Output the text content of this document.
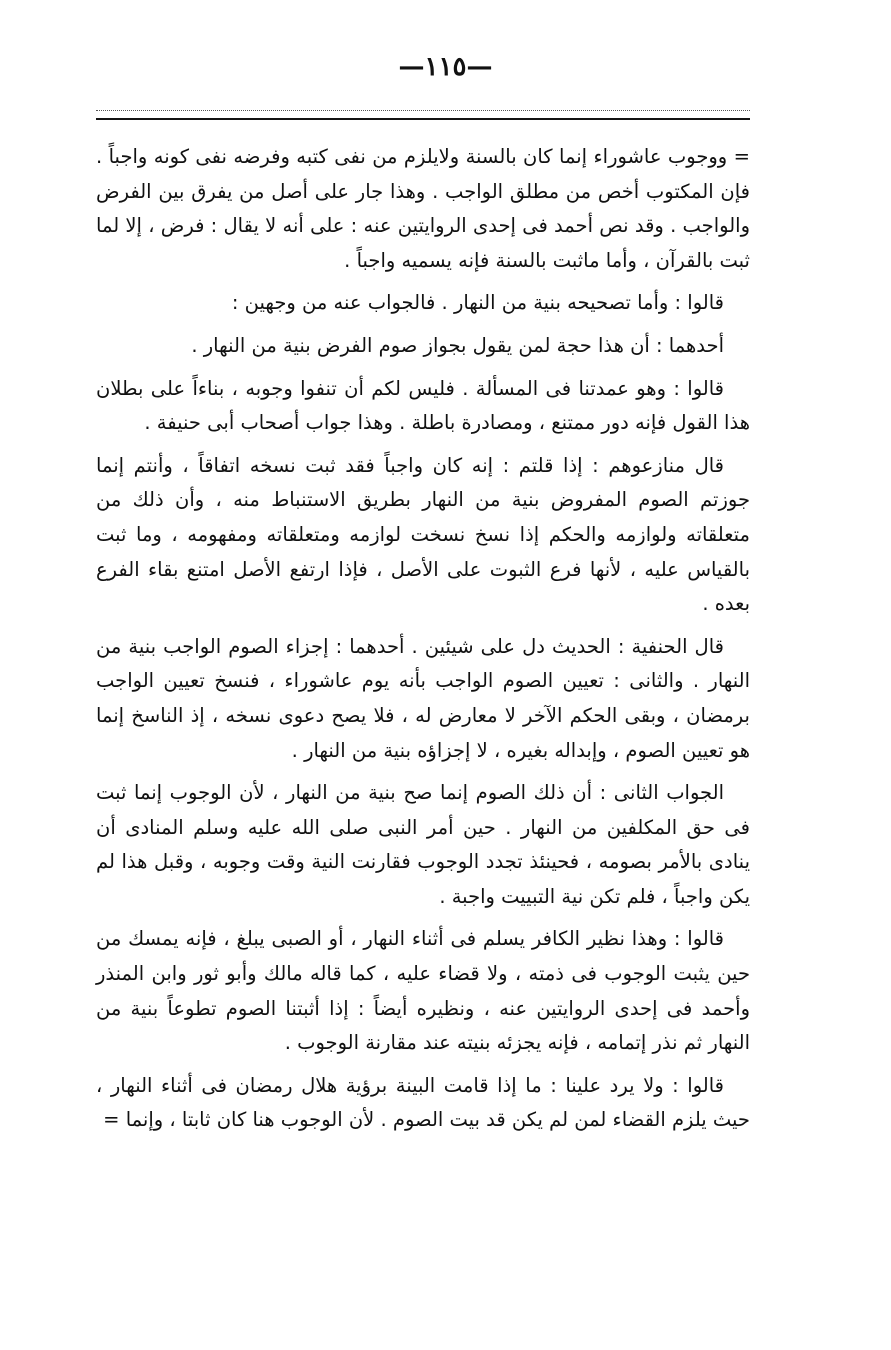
—١١٥—

= ووجوب عاشوراء إنما كان بالسنة ولايلزم من نفى كتبه وفرضه نفى كونه واجباً . فإن المكتوب أخص من مطلق الواجب . وهذا جار على أصل من يفرق بين الفرض والواجب . وقد نص أحمد فى إحدى الروايتين عنه : على أنه لا يقال : فرض ، إلا لما ثبت بالقرآن ، وأما ماثبت بالسنة فإنه يسميه واجباً .

قالوا : وأما تصحيحه بنية من النهار . فالجواب عنه من وجهين :

أحدهما : أن هذا حجة لمن يقول بجواز صوم الفرض بنية من النهار .

قالوا : وهو عمدتنا فى المسألة . فليس لكم أن تنفوا وجوبه ، بناءاً على بطلان هذا القول فإنه دور ممتنع ، ومصادرة باطلة . وهذا جواب أصحاب أبى حنيفة .

قال منازعوهم : إذا قلتم : إنه كان واجباً فقد ثبت نسخه اتفاقاً ، وأنتم إنما جوزتم الصوم المفروض بنية من النهار بطريق الاستنباط منه ، وأن ذلك من متعلقاته ولوازمه والحكم إذا نسخ نسخت لوازمه ومتعلقاته ومفهومه ، وما ثبت بالقياس عليه ، لأنها فرع الثبوت على الأصل ، فإذا ارتفع الأصل امتنع بقاء الفرع بعده .

قال الحنفية : الحديث دل على شيئين . أحدهما : إجزاء الصوم الواجب بنية من النهار . والثانى : تعيين الصوم الواجب بأنه يوم عاشوراء ، فنسخ تعيين الواجب برمضان ، وبقى الحكم الآخر لا معارض له ، فلا يصح دعوى نسخه ، إذ الناسخ إنما هو تعيين الصوم ، وإبداله بغيره ، لا إجزاؤه بنية من النهار .

الجواب الثانى : أن ذلك الصوم إنما صح بنية من النهار ، لأن الوجوب إنما ثبت فى حق المكلفين من النهار . حين أمر النبى صلى الله عليه وسلم المنادى أن ينادى بالأمر بصومه ، فحينئذ تجدد الوجوب فقارنت النية وقت وجوبه ، وقبل هذا لم يكن واجباً ، فلم تكن نية التبييت واجبة .

قالوا : وهذا نظير الكافر يسلم فى أثناء النهار ، أو الصبى يبلغ ، فإنه يمسك من حين يثبت الوجوب فى ذمته ، ولا قضاء عليه ، كما قاله مالك وأبو ثور وابن المنذر وأحمد فى إحدى الروايتين عنه ، ونظيره أيضاً : إذا أثبتنا الصوم تطوعاً بنية من النهار ثم نذر إتمامه ، فإنه يجزئه بنيته عند مقارنة الوجوب .

قالوا : ولا يرد علينا : ما إذا قامت البينة برؤية هلال رمضان فى أثناء النهار ، حيث يلزم القضاء لمن لم يكن قد بيت الصوم . لأن الوجوب هنا كان ثابتا ، وإنما =
